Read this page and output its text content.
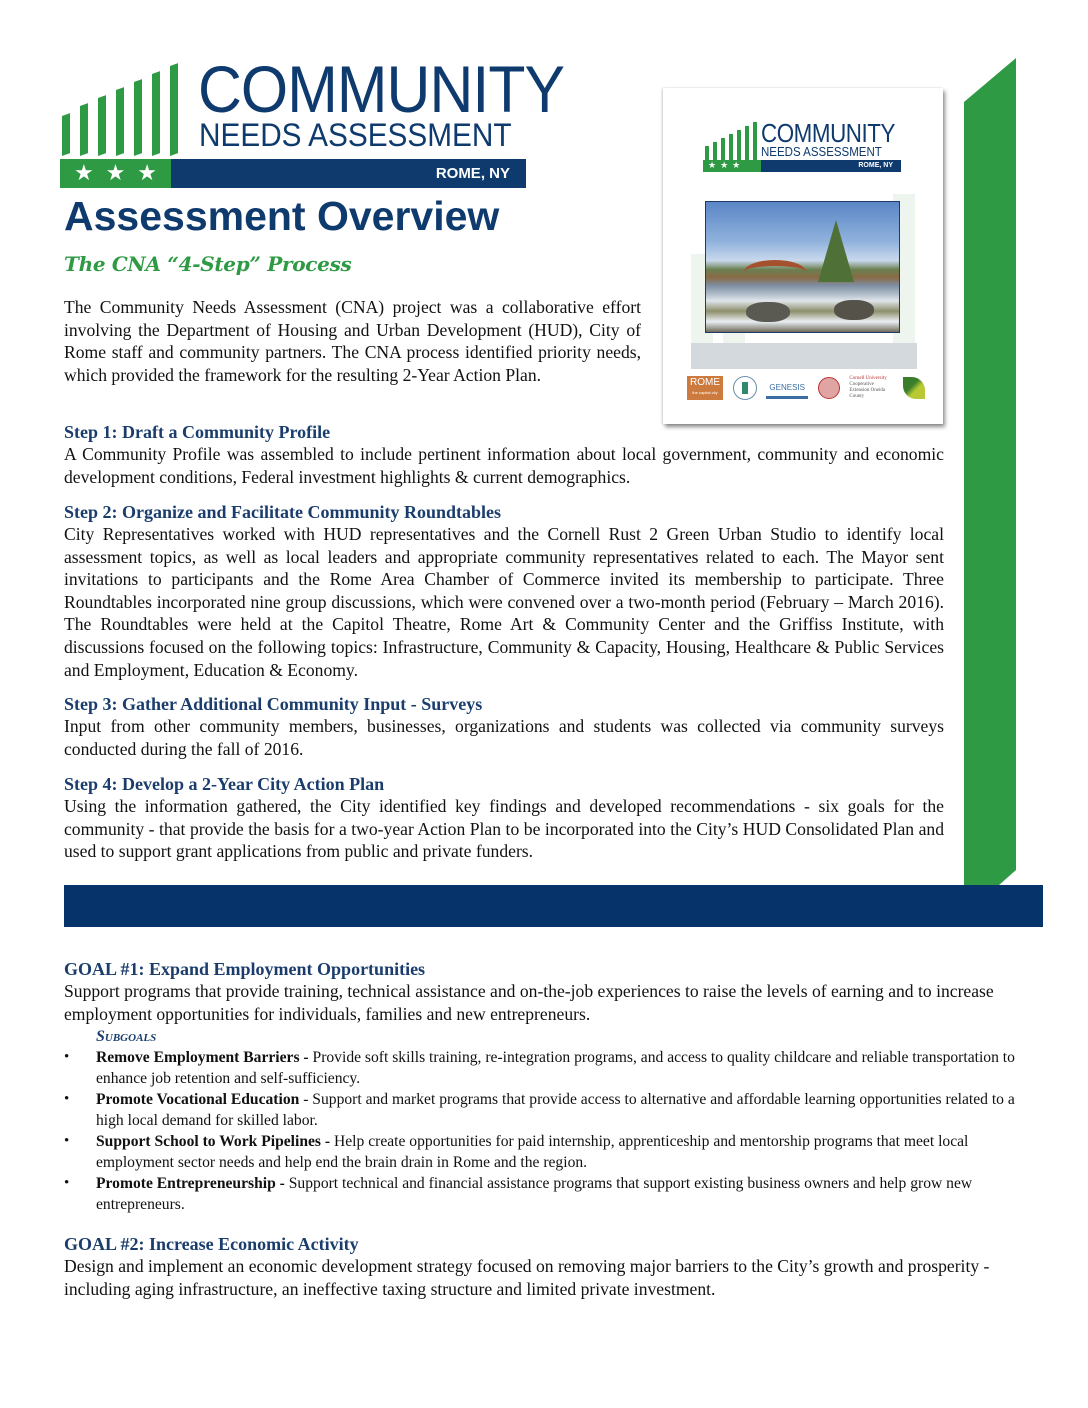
COMMUNITY
NEEDS ASSESSMENT
★ ★ ★	ROME, NY
Assessment Overview
The CNA “4-Step” Process

The Community Needs Assessment (CNA) project was a collaborative effort involving the Department of Housing and Urban Development (HUD), City of Rome staff and community partners. The CNA process identified priority needs, which provided the framework for the resulting 2-Year Action Plan.

COMMUNITY
NEEDS ASSESSMENT
★★★	ROME, NY
ROME
the capital city
GENESIS
Cornell University
Cooperative Extension Oneida County
Step 1: Draft a Community Profile

A Community Profile was assembled to include pertinent information about local government, community and economic development conditions, Federal investment highlights & current demographics.

Step 2: Organize and Facilitate Community Roundtables

City Representatives worked with HUD representatives and the Cornell Rust 2 Green Urban Studio to identify local assessment topics, as well as local leaders and appropriate community representatives related to each. The Mayor sent invitations to participants and the Rome Area Chamber of Commerce invited its membership to participate. Three Roundtables incorporated nine group discussions, which were convened over a two-month period (February – March 2016). The Roundtables were held at the Capitol Theatre, Rome Art & Community Center and the Griffiss Institute, with discussions focused on the following topics: Infrastructure, Community & Capacity, Housing, Healthcare & Public Services and Employment, Education & Economy.

Step 3: Gather Additional Community Input - Surveys

Input from other community members, businesses, organizations and students was collected via community surveys conducted during the fall of 2016.

Step 4: Develop a 2-Year City Action Plan

Using the information gathered, the City identified key findings and developed recommendations - six goals for the community - that provide the basis for a two-year Action Plan to be incorporated into the City’s HUD Consolidated Plan and used to support grant applications from public and private funders.

GOAL #1: Expand Employment Opportunities

Support programs that provide training, technical assistance and on-the-job experiences to raise the levels of earning and to increase employment opportunities for individuals, families and new entrepreneurs.

Subgoals
• Remove Employment Barriers - Provide soft skills training, re-integration programs, and access to quality childcare and reliable transportation to enhance job retention and self-sufficiency.
• Promote Vocational Education - Support and market programs that provide access to alternative and affordable learning opportunities related to a high local demand for skilled labor.
• Support School to Work Pipelines - Help create opportunities for paid internship, apprenticeship and mentorship programs that meet local employment sector needs and help end the brain drain in Rome and the region.
• Promote Entrepreneurship - Support technical and financial assistance programs that support existing business owners and help grow new entrepreneurs.
GOAL #2: Increase Economic Activity

Design and implement an economic development strategy focused on removing major barriers to the City’s growth and prosperity - including aging infrastructure, an ineffective taxing structure and limited private investment.
